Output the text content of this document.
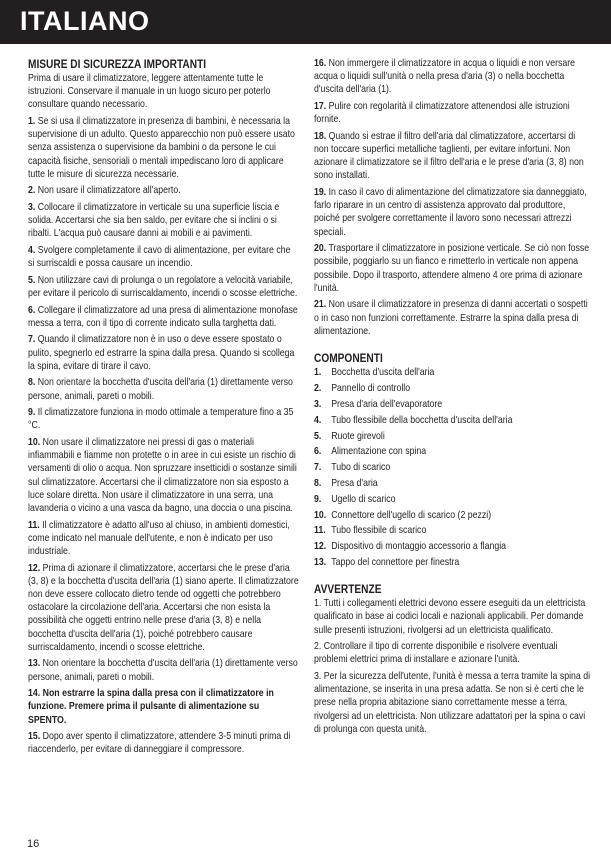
ITALIANO
MISURE DI SICUREZZA IMPORTANTI

Prima di usare il climatizzatore, leggere attentamente tutte le istruzioni. Conservare il manuale in un luogo sicuro per poterlo consultare quando necessario.

1. Se si usa il climatizzatore in presenza di bambini, è necessaria la supervisione di un adulto. Questo apparecchio non può essere usato senza assistenza o supervisione da bambini o da persone le cui capacità fisiche, sensoriali o mentali impediscano loro di applicare tutte le misure di sicurezza necessarie.

2. Non usare il climatizzatore all'aperto.

3. Collocare il climatizzatore in verticale su una superficie liscia e solida. Accertarsi che sia ben saldo, per evitare che si inclini o si ribalti. L'acqua può causare danni ai mobili e ai pavimenti.

4. Svolgere completamente il cavo di alimentazione, per evitare che si surriscaldi e possa causare un incendio.

5. Non utilizzare cavi di prolunga o un regolatore a velocità variabile, per evitare il pericolo di surriscaldamento, incendi o scosse elettriche.

6. Collegare il climatizzatore ad una presa di alimentazione monofase messa a terra, con il tipo di corrente indicato sulla targhetta dati.

7. Quando il climatizzatore non è in uso o deve essere spostato o pulito, spegnerlo ed estrarre la spina dalla presa. Quando si scollega la spina, evitare di tirare il cavo.

8. Non orientare la bocchetta d'uscita dell'aria (1) direttamente verso persone, animali, pareti o mobili.

9. Il climatizzatore funziona in modo ottimale a temperature fino a 35 °C.

10. Non usare il climatizzatore nei pressi di gas o materiali infiammabili e fiamme non protette o in aree in cui esiste un rischio di versamenti di olio o acqua. Non spruzzare insetticidi o sostanze simili sul climatizzatore. Accertarsi che il climatizzatore non sia esposto a luce solare diretta. Non usare il climatizzatore in una serra, una lavanderia o vicino a una vasca da bagno, una doccia o una piscina.

11. Il climatizzatore è adatto all'uso al chiuso, in ambienti domestici, come indicato nel manuale dell'utente, e non è indicato per uso industriale.

12. Prima di azionare il climatizzatore, accertarsi che le prese d'aria (3, 8) e la bocchetta d'uscita dell'aria (1) siano aperte. Il climatizzatore non deve essere collocato dietro tende od oggetti che potrebbero ostacolare la circolazione dell'aria. Accertarsi che non esista la possibilità che oggetti entrino nelle prese d'aria (3, 8) e nella bocchetta d'uscita dell'aria (1), poiché potrebbero causare surriscaldamento, incendi o scosse elettriche.

13. Non orientare la bocchetta d'uscita dell'aria (1) direttamente verso persone, animali, pareti o mobili.

14. Non estrarre la spina dalla presa con il climatizzatore in funzione. Premere prima il pulsante di alimentazione su SPENTO.

15. Dopo aver spento il climatizzatore, attendere 3-5 minuti prima di riaccenderlo, per evitare di danneggiare il compressore.

16. Non immergere il climatizzatore in acqua o liquidi e non versare acqua o liquidi sull'unità o nella presa d'aria (3) o nella bocchetta d'uscita dell'aria (1).

17. Pulire con regolarità il climatizzatore attenendosi alle istruzioni fornite.

18. Quando si estrae il filtro dell'aria dal climatizzatore, accertarsi di non toccare superfici metalliche taglienti, per evitare infortuni. Non azionare il climatizzatore se il filtro dell'aria e le prese d'aria (3, 8) non sono installati.

19. In caso il cavo di alimentazione del climatizzatore sia danneggiato, farlo riparare in un centro di assistenza approvato dal produttore, poiché per svolgere correttamente il lavoro sono necessari attrezzi speciali.

20. Trasportare il climatizzatore in posizione verticale. Se ciò non fosse possibile, poggiarlo su un fianco e rimetterlo in verticale non appena possibile. Dopo il trasporto, attendere almeno 4 ore prima di azionare l'unità.

21. Non usare il climatizzatore in presenza di danni accertati o sospetti o in caso non funzioni correttamente. Estrarre la spina dalla presa di alimentazione.

COMPONENTI
1. Bocchetta d'uscita dell'aria
2. Pannello di controllo
3. Presa d'aria dell'evaporatore
4. Tubo flessibile della bocchetta d'uscita dell'aria
5. Ruote girevoli
6. Alimentazione con spina
7. Tubo di scarico
8. Presa d'aria
9. Ugello di scarico
10. Connettore dell'ugello di scarico (2 pezzi)
11. Tubo flessibile di scarico
12. Dispositivo di montaggio accessorio a flangia
13. Tappo del connettore per finestra
AVVERTENZE

1. Tutti i collegamenti elettrici devono essere eseguiti da un elettricista qualificato in base ai codici locali e nazionali applicabili. Per domande sulle presenti istruzioni, rivolgersi ad un elettricista qualificato.

2. Controllare il tipo di corrente disponibile e risolvere eventuali problemi elettrici prima di installare e azionare l'unità.

3. Per la sicurezza dell'utente, l'unità è messa a terra tramite la spina di alimentazione, se inserita in una presa adatta. Se non si è certi che le prese nella propria abitazione siano correttamente messe a terra, rivolgersi ad un elettricista. Non utilizzare adattatori per la spina o cavi di prolunga con questa unità.

16
